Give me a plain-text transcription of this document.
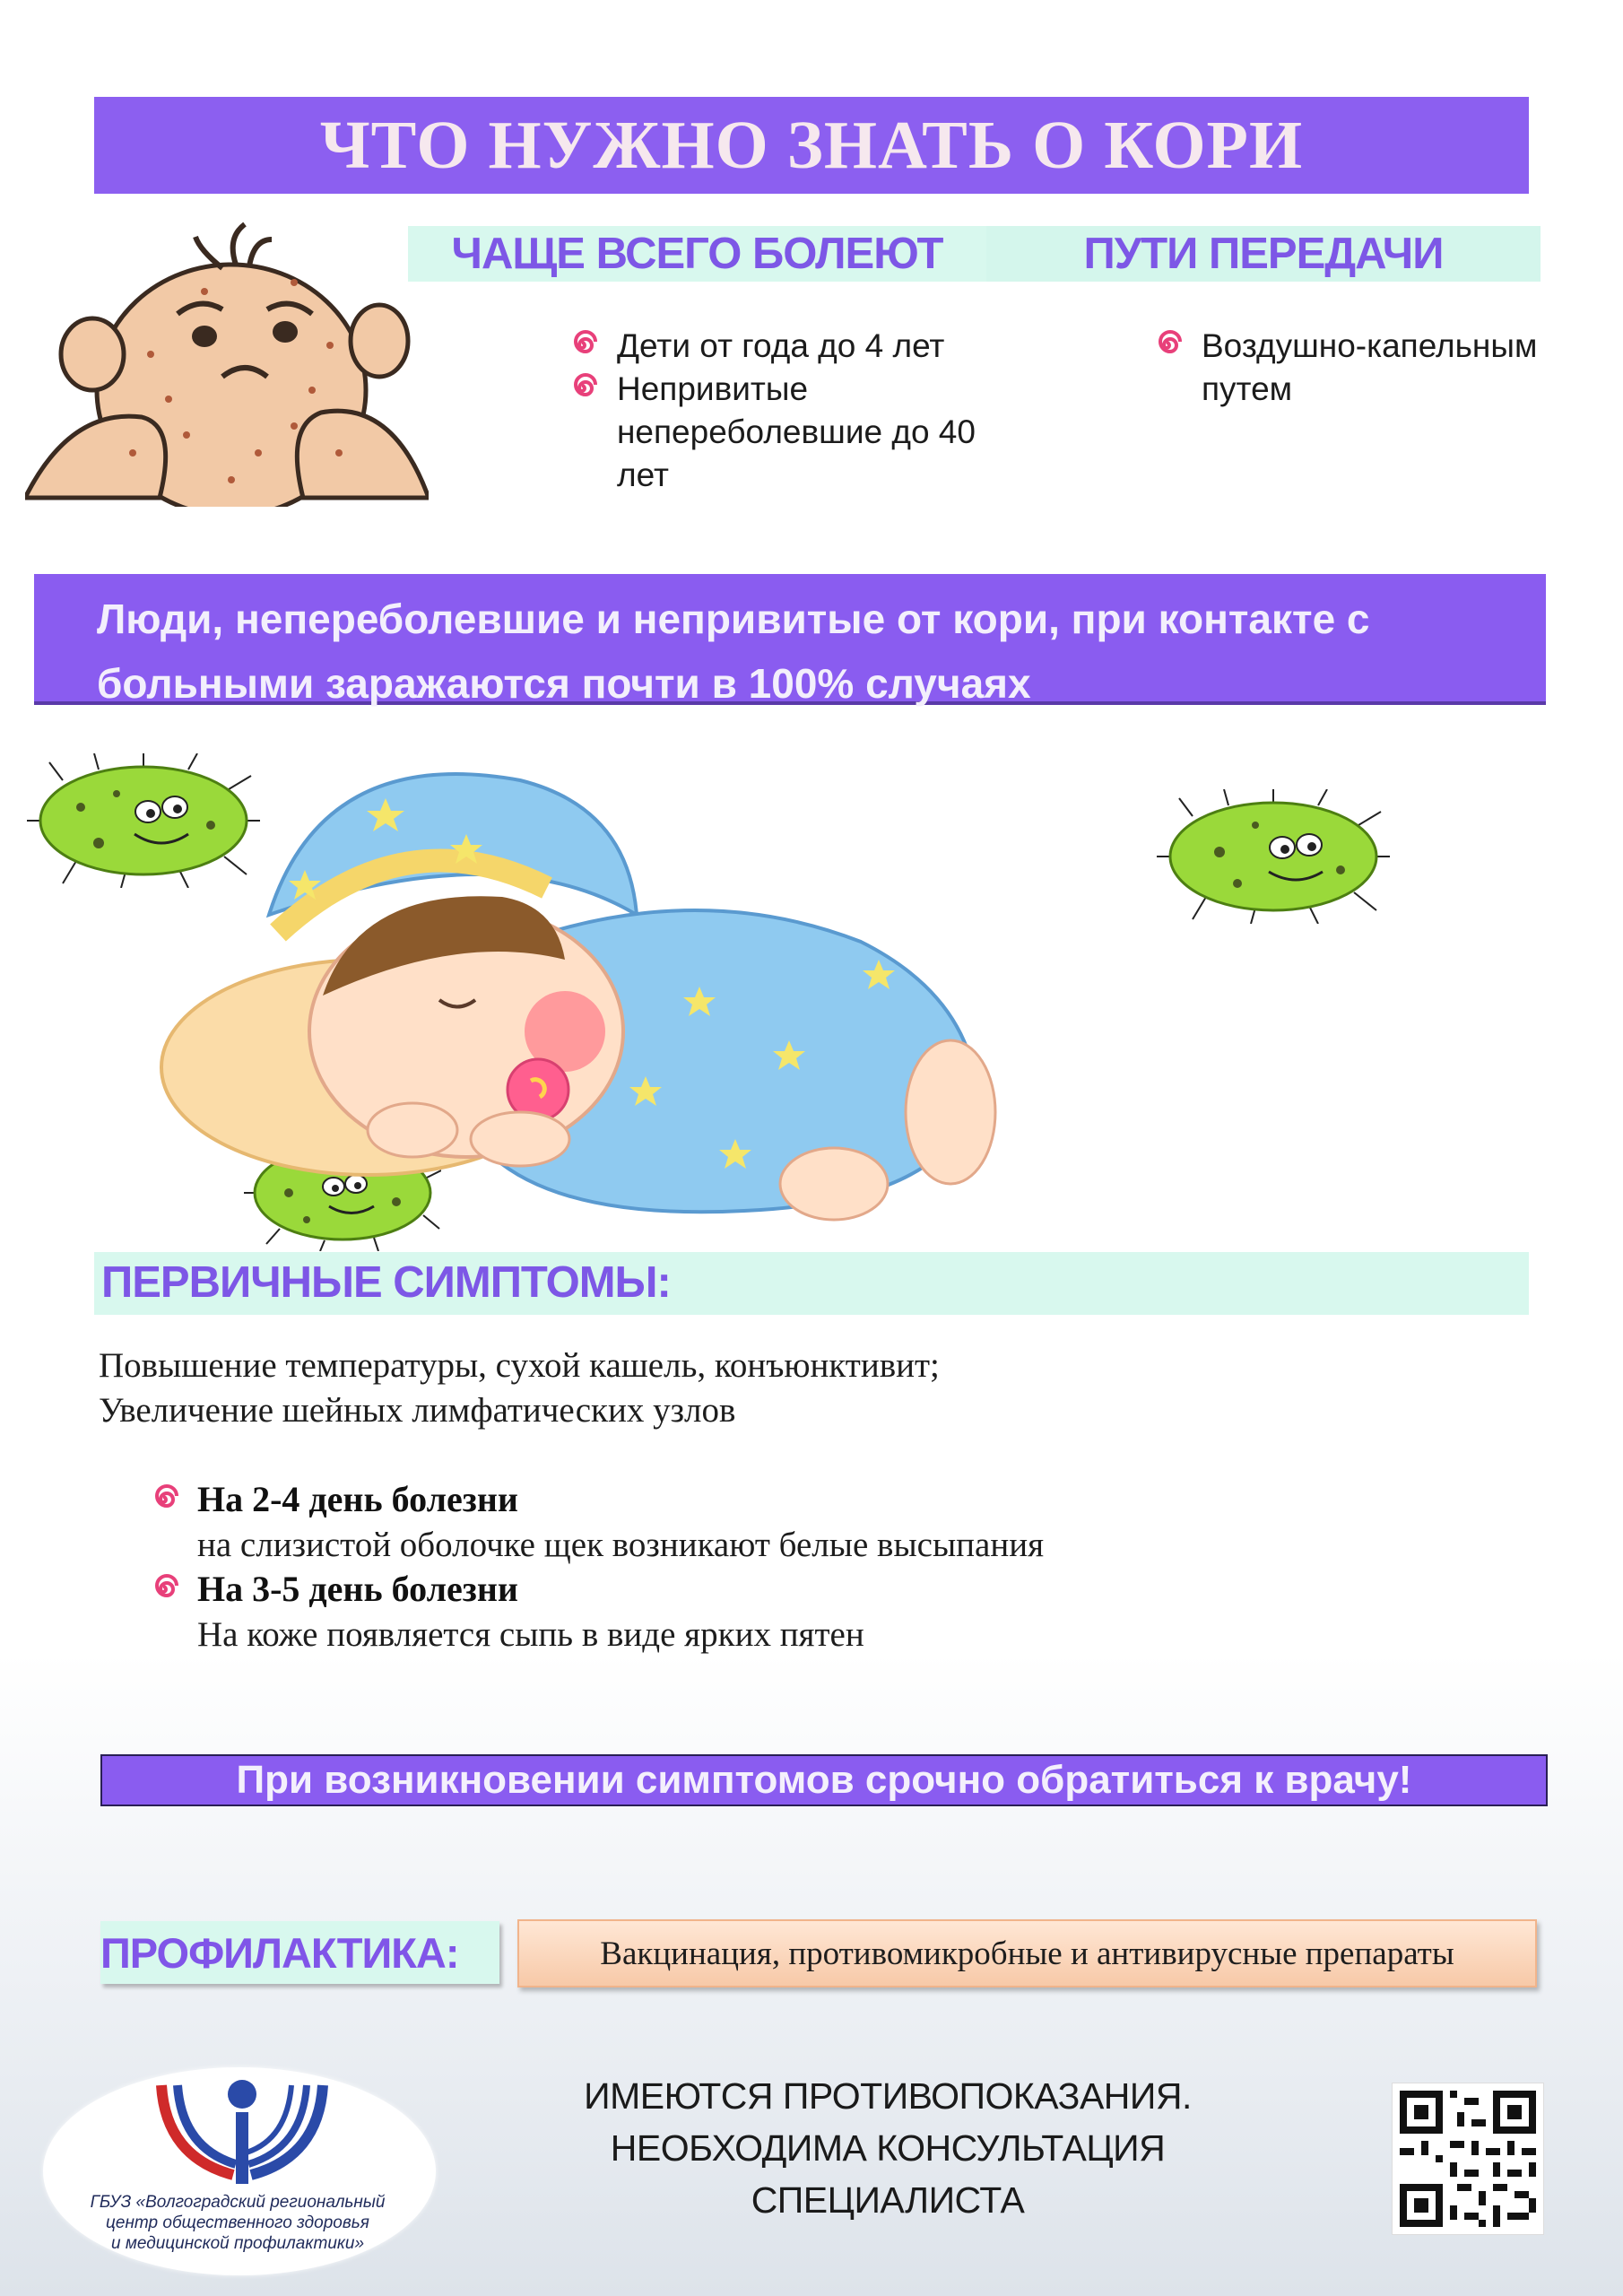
ЧТО НУЖНО ЗНАТЬ О КОРИ
ЧАЩЕ ВСЕГО БОЛЕЮТ	ПУТИ ПЕРЕДАЧИ
Дети от года до 4 лет
Непривитые непереболевшие до 40 лет
Воздушно-капельным путем
Люди, непереболевшие и непривитые от кори, при контакте с
больными заражаются почти в 100% случаях
ПЕРВИЧНЫЕ СИМПТОМЫ:
Повышение температуры, сухой кашель, конъюнктивит;
Увеличение шейных лимфатических узлов
На 2-4 день болезни
на слизистой оболочке щек возникают белые высыпания
На 3-5 день болезни
На коже появляется сыпь в виде ярких пятен
При возникновении симптомов срочно обратиться к врачу!
ПРОФИЛАКТИКА:	Вакцинация, противомикробные и антивирусные препараты
ГБУЗ «Волгоградский региональный
центр общественного здоровья
и медицинской профилактики»
ИМЕЮТСЯ ПРОТИВОПОКАЗАНИЯ.
НЕОБХОДИМА КОНСУЛЬТАЦИЯ СПЕЦИАЛИСТА
